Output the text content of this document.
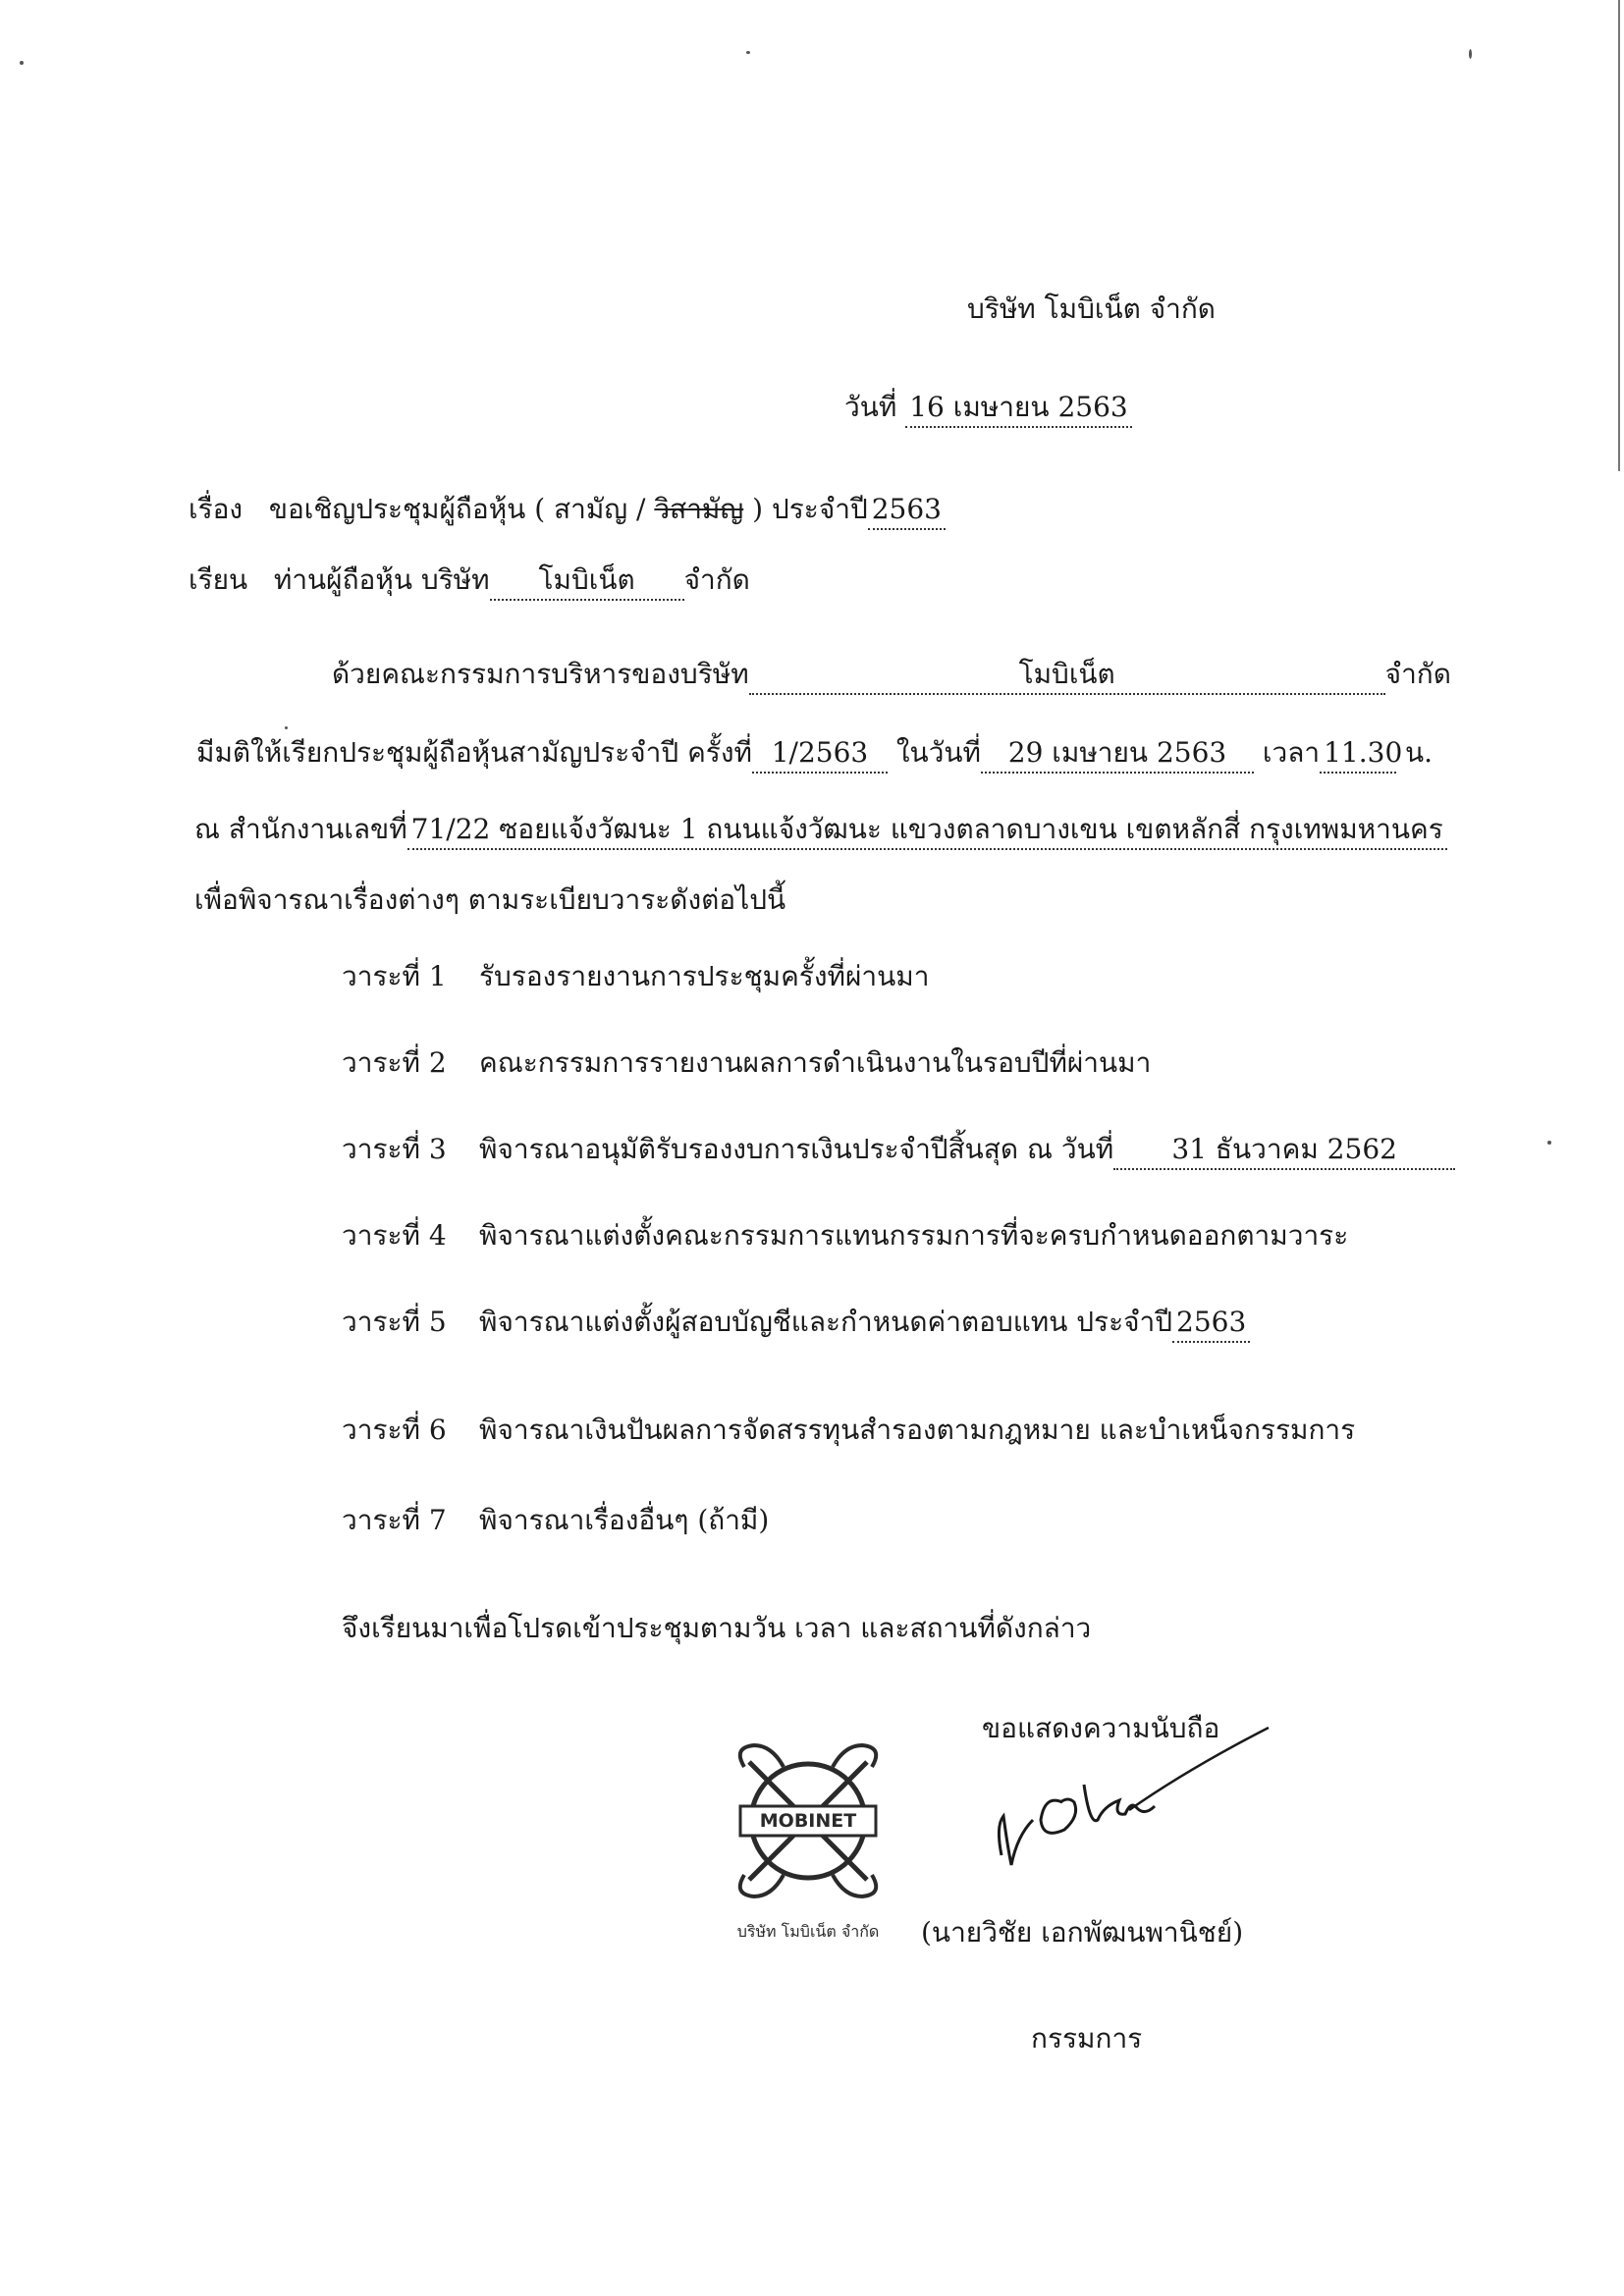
บริษัท โมบิเน็ต จำกัด
วันที่ 16 เมษายน 2563
เรื่อง ขอเชิญประชุมผู้ถือหุ้น ( สามัญ / วิสามัญ ) ประจำปี 2563
เรียน ท่านผู้ถือหุ้น บริษัท โมบิเน็ต จำกัด
ด้วยคณะกรรมการบริหารของบริษัท	โมบิเน็ต	จำกัด
มีมติให้เรียกประชุมผู้ถือหุ้นสามัญประจำปี ครั้งที่ 1/2563 ในวันที่ 29 เมษายน 2563 เวลา 11.30 น.
ณ สำนักงานเลขที่ 71/22 ซอยแจ้งวัฒนะ 1 ถนนแจ้งวัฒนะ แขวงตลาดบางเขน เขตหลักสี่ กรุงเทพมหานคร
เพื่อพิจารณาเรื่องต่างๆ ตามระเบียบวาระดังต่อไปนี้
วาระที่ 1 รับรองรายงานการประชุมครั้งที่ผ่านมา
วาระที่ 2 คณะกรรมการรายงานผลการดำเนินงานในรอบปีที่ผ่านมา
วาระที่ 3 พิจารณาอนุมัติรับรองงบการเงินประจำปีสิ้นสุด ณ วันที่ 31 ธันวาคม 2562
วาระที่ 4 พิจารณาแต่งตั้งคณะกรรมการแทนกรรมการที่จะครบกำหนดออกตามวาระ
วาระที่ 5 พิจารณาแต่งตั้งผู้สอบบัญชีและกำหนดค่าตอบแทน ประจำปี 2563
วาระที่ 6 พิจารณาเงินปันผลการจัดสรรทุนสำรองตามกฎหมาย และบำเหน็จกรรมการ
วาระที่ 7 พิจารณาเรื่องอื่นๆ (ถ้ามี)
จึงเรียนมาเพื่อโปรดเข้าประชุมตามวัน เวลา และสถานที่ดังกล่าว
ขอแสดงความนับถือ
MOBINET
บริษัท โมบิเน็ต จำกัด	(นายวิชัย เอกพัฒนพานิชย์)
กรรมการ
